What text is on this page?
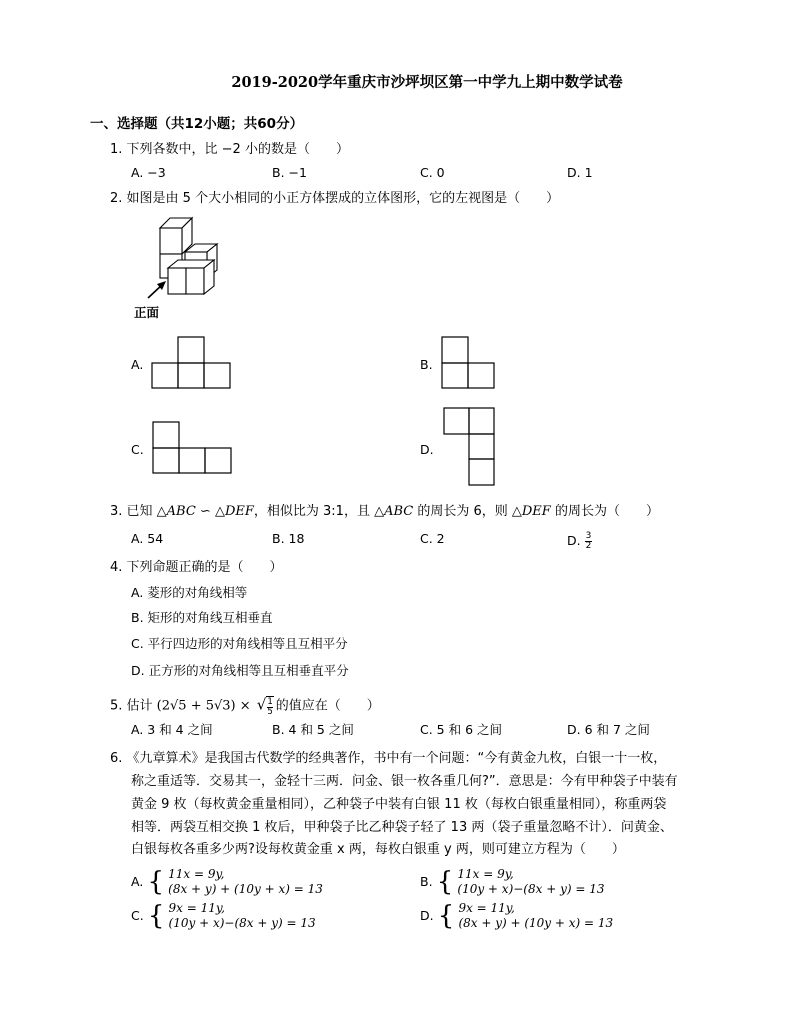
2019-2020学年重庆市沙坪坝区第一中学九上期中数学试卷
一、选择题（共12小题；共60分）
1. 下列各数中，比 −2 小的数是（　　）
A. −3	B. −1	C. 0	D. 1
2. 如图是由 5 个大小相同的小正方体摆成的立体图形，它的左视图是（　　）
正面
A.	B.
C.	D.
3. 已知 △ABC ∽ △DEF，相似比为 3:1，且 △ABC 的周长为 6，则 △DEF 的周长为（　　）
A. 54	B. 18	C. 2	D. $\frac{3}{2}$
4. 下列命题正确的是（　　）
A. 菱形的对角线相等
B. 矩形的对角线互相垂直
C. 平行四边形的对角线相等且互相平分
D. 正方形的对角线相等且互相垂直平分
5. 估计 (2√5 + 5√3) × √ $\frac{1}{5}$ 的值应在（　　）
A. 3 和 4 之间	B. 4 和 5 之间	C. 5 和 6 之间	D. 6 和 7 之间
6. 《九章算术》是我国古代数学的经典著作，书中有一个问题：“今有黄金九枚，白银一十一枚，
称之重适等．交易其一，金轻十三两．问金、银一枚各重几何?”．意思是：今有甲种袋子中装有
黄金 9 枚（每枚黄金重量相同），乙种袋子中装有白银 11 枚（每枚白银重量相同），称重两袋
相等．两袋互相交换 1 枚后，甲种袋子比乙种袋子轻了 13 两（袋子重量忽略不计）．问黄金、
白银每枚各重多少两?设每枚黄金重 x 两，每枚白银重 y 两，则可建立方程为（　　）
A. { 11x = 9y,
(8x + y) + (10y + x) = 13
B. { 11x = 9y,
(10y + x)−(8x + y) = 13
C. { 9x = 11y,
(10y + x)−(8x + y) = 13
D. { 9x = 11y,
(8x + y) + (10y + x) = 13
